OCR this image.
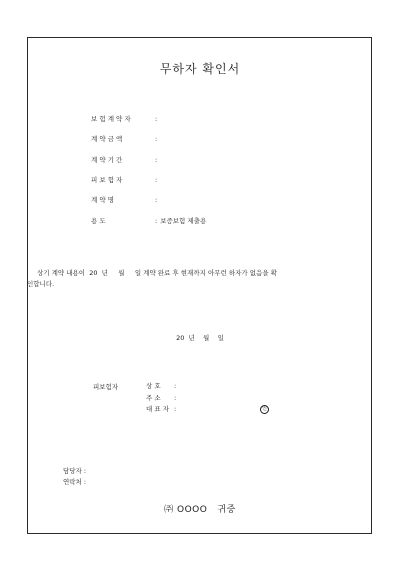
무하자 확인서
보 험 계 약 자	:
계 약 금 액	:
계 약 기 간	:
피 보 험 자	:
계 약 명	:
용 도	: 보증보험 제출용
상기 계약 내용이  20  년     월     일 계약 완료 후 현재까지 아무런 하자가 없음을 확
인합니다.
20  년    월    일
피보험자	상 호 :
주 소 :
대 표 자 :	인
담당자 :
연락처 :
㈜ OOOO   귀중
